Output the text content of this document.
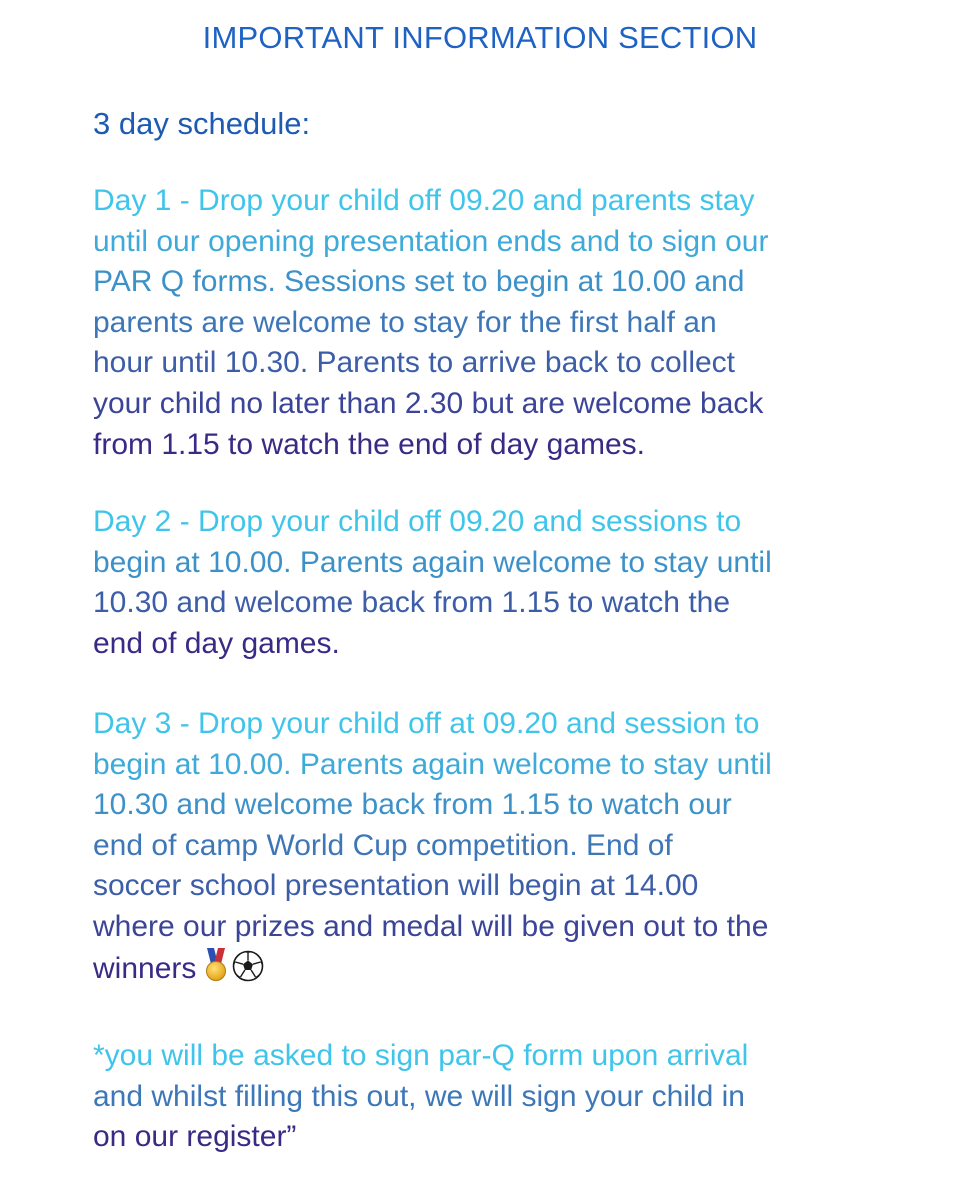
IMPORTANT INFORMATION SECTION
3 day schedule:
Day 1 - Drop your child off 09.20 and parents stay
until our opening presentation ends and to sign our
PAR Q forms. Sessions set to begin at 10.00 and
parents are welcome to stay for the first half an
hour until 10.30. Parents to arrive back to collect
your child no later than 2.30 but are welcome back
from 1.15 to watch the end of day games.
Day 2 - Drop your child off 09.20 and sessions to
begin at 10.00. Parents again welcome to stay until
10.30 and welcome back from 1.15 to watch the
end of day games.
Day 3 - Drop your child off at 09.20 and session to
begin at 10.00. Parents again welcome to stay until
10.30 and welcome back from 1.15 to watch our
end of camp World Cup competition. End of
soccer school presentation will begin at 14.00
where our prizes and medal will be given out to the
winners
*you will be asked to sign par-Q form upon arrival
and whilst filling this out, we will sign your child in
on our register”
